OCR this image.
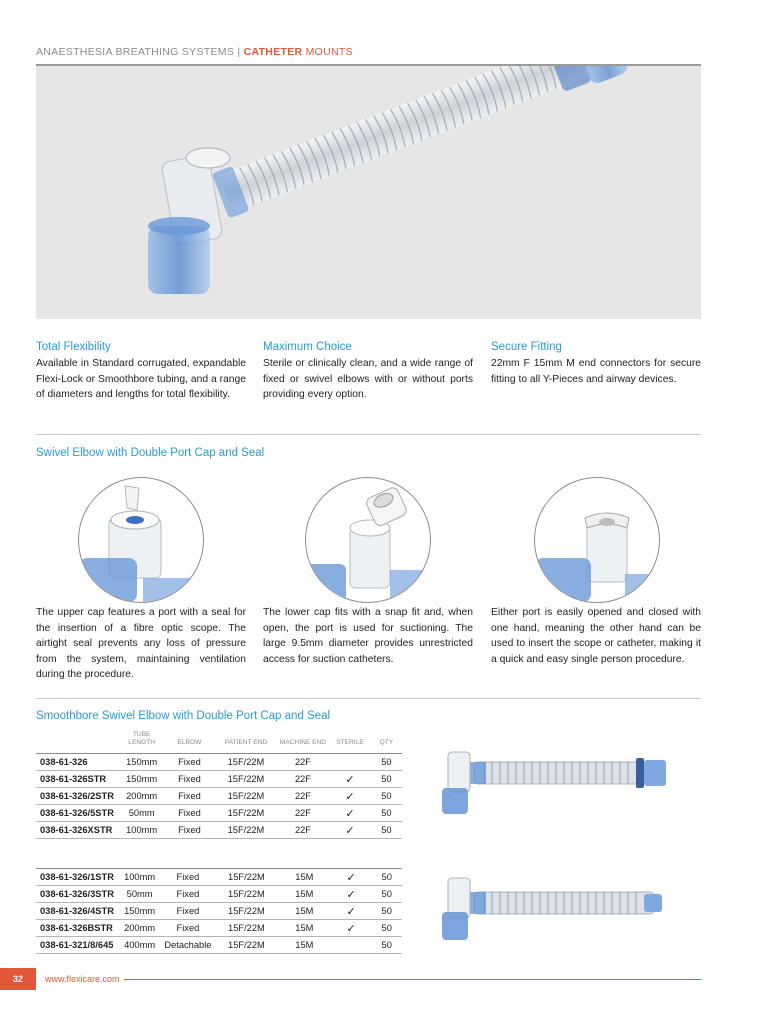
ANAESTHESIA BREATHING SYSTEMS | CATHETER MOUNTS
Total Flexibility

Available in Standard corrugated, expandable Flexi-Lock or Smoothbore tubing, and a range of diameters and lengths for total flexibility.

Maximum Choice

Sterile or clinically clean, and a wide range of fixed or swivel elbows with or without ports providing every option.

Secure Fitting

22mm F 15mm M end connectors for secure fitting to all Y-Pieces and airway devices.

Swivel Elbow with Double Port Cap and Seal

The upper cap features a port with a seal for the insertion of a fibre optic scope. The airtight seal prevents any loss of pressure from the system, maintaining ventilation during the procedure.

The lower cap fits with a snap fit and, when open, the port is used for suctioning. The large 9.5mm diameter provides unrestricted access for suction catheters.

Either port is easily opened and closed with one hand, meaning the other hand can be used to insert the scope or catheter, making it a quick and easy single person procedure.

Smoothbore Swivel Elbow with Double Port Cap and Seal
	TUBE LENGTH	ELBOW	PATIENT END	MACHINE END	STERILE	QTY
038-61-326	150mm	Fixed	15F/22M	22F		50
038-61-326STR	150mm	Fixed	15F/22M	22F	✓	50
038-61-326/2STR	200mm	Fixed	15F/22M	22F	✓	50
038-61-326/5STR	50mm	Fixed	15F/22M	22F	✓	50
038-61-326XSTR	100mm	Fixed	15F/22M	22F	✓	50
038-61-326/1STR	100mm	Fixed	15F/22M	15M	✓	50
038-61-326/3STR	50mm	Fixed	15F/22M	15M	✓	50
038-61-326/4STR	150mm	Fixed	15F/22M	15M	✓	50
038-61-326BSTR	200mm	Fixed	15F/22M	15M	✓	50
038-61-321/8/645	400mm	Detachable	15F/22M	15M		50
32	www.flexicare.com
